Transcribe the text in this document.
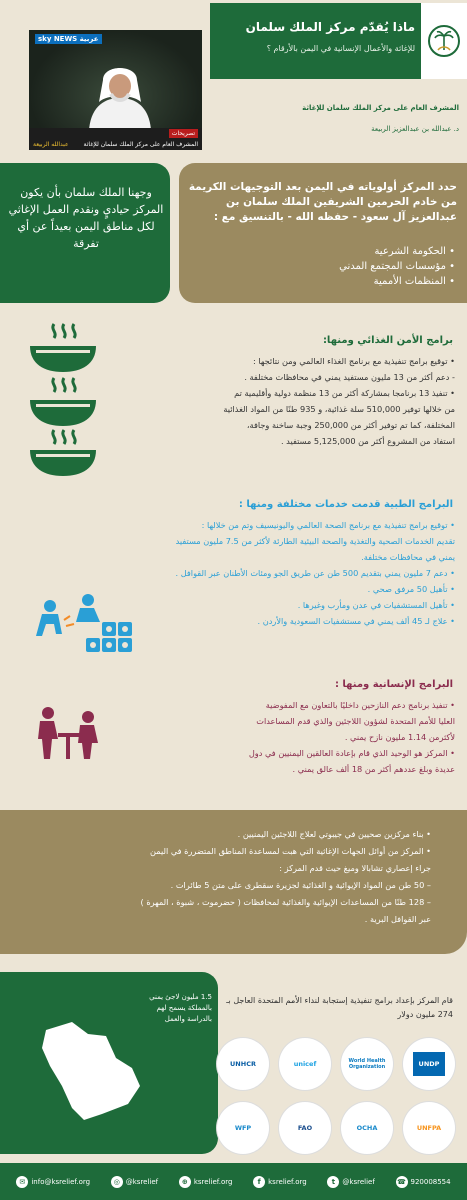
ماذا يُقدّم مركز الملك سلمان
للإغاثة والأعمال الإنسانية في اليمن بالأرقام ؟
sky NEWS عربية
تصريحات
المشرف العام على مركز الملك سلمان للإغاثة
عبدالله الربيعة
المشرف العام على مركز الملك سلمان للإغاثة
د. عبدالله بن عبدالعزيز الربيعة
وجهنا الملك سلمان بأن يكون المركز حياديٍ ونقدم العمل الإغاثي لكل مناطق اليمن بعيداً عن أي تفرقة
حدد المركز أولوياته في اليمن بعد التوجيهات الكريمة من خادم الحرمين الشريفين الملك سلمان بن عبدالعزيز آل سعود - حفظه الله - بالتنسيق مع :
• الحكومة الشرعية
• مؤسسات المجتمع المدني
• المنظمات الأممية
برامج الأمن الغذائي ومنها:
• توقيع برامج تنفيذية مع برنامج الغذاء العالمي ومن نتائجها :
- دعم أكثر من 13 مليون مستفيد يمني في محافظات مختلفة .
• تنفيذ 13 برنامجا بمشاركة أكثر من 13 منظمة دولية وأقليمية تم
من خلالها توفير 510,000 سلة غذائية، و 935 طنًا من المواد الغذائية
المختلفة، كما تم توفير أكثر من 250,000 وجبة ساخنة وجافة،
استفاد من المشروع أكثر من 5,125,000 مستفيد .
البرامج الطبية قدمت خدمات مختلفة ومنها :
• توقيع برامج تنفيذية مع برنامج الصحة العالمي واليونيسيف وتم من خلالها :
تقديم الخدمات الصحية والتغذية والصحة البيئية الطارئة لأكثر من 7.5 مليون مستفيد
يمني في محافظات مختلفة.
• دعم 7 مليون يمني بتقديم 500 طن عن طريق الجو ومئات الأطنان عبر القوافل .
• تأهيل 50 مرفق صحي .
• تأهيل المستشفيات في عدن ومأرب وغيرها .
• علاج لـ 45 ألف يمني في مستشفيات السعودية والأردن .
البرامج الإنسانية ومنها :
• تنفيذ برنامج دعم النازحين داخليًا بالتعاون مع المفوضية
العليا للأمم المتحدة لشؤون اللاجئين والذي قدم المساعدات
لأكثرمن 1.14 مليون نازح يمني .
• المركز هو الوحيد الذي قام بإعادة العالقين اليمنيين في دول
عديدة وبلغ عددهم أكثر من 18 ألف عالق يمني .
• بناء مركزين صحيين في جيبوتي لعلاج اللاجئين اليمنيين .
• المركز من أوائل الجهات الإغاثية التي هبت لمساعدة المناطق المتضررة في اليمن
جراء إعصاري تشابالا وميغ حيث قدم المركز :
– 50 طن من المواد الإيوائية و الغذائية لجزيرة سقطرى على متن 5 طائرات .
– 128 طنًا من المساعدات الإيوائية والغذائية لمحافظات ( حضرموت ، شبوة ، المهرة )
عبر القوافل البرية .
1.5 مليون لاجئ يمني بالمملكة يسمح لهم بالدراسة والعمل
قام المركز بإعداد برامج تنفيذية إستجابة لنداء الأمم المتحدة العاجل بـ 274 مليون دولار
UNHCR	unicef	World Health Organization	UNDP
WFP	FAO	OCHA	UNFPA
✉ info@ksrelief.org	◎ @ksrelief	⊕ ksrelief.org	f	ksrelief.org	t	@ksrelief	☎ 920008554
